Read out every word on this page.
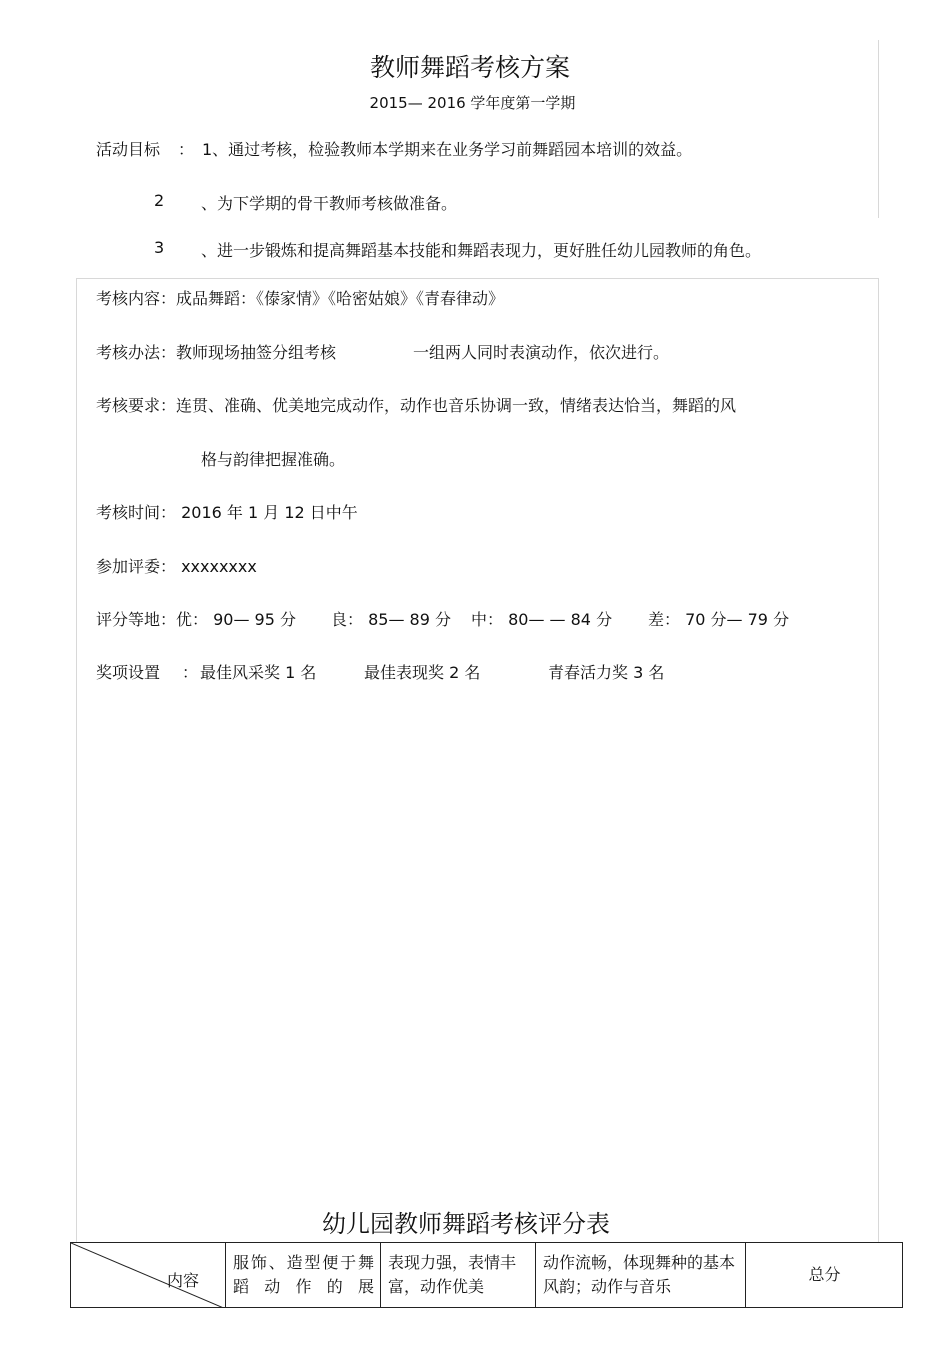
教师舞蹈考核方案
2015— 2016 学年度第一学期
活动目标 ： 1、通过考核，检验教师本学期来在业务学习前舞蹈园本培训的效益。
2 、为下学期的骨干教师考核做准备。
3 、进一步锻炼和提高舞蹈基本技能和舞蹈表现力，更好胜任幼儿园教师的角色。
考核内容：成品舞蹈：《傣家情》《哈密姑娘》《青春律动》
考核办法：教师现场抽签分组考核	一组两人同时表演动作，依次进行。
考核要求：连贯、准确、优美地完成动作，动作也音乐协调一致，情绪表达恰当，舞蹈的风
格与韵律把握准确。
考核时间： 2016 年 1 月 12 日中午
参加评委： xxxxxxxx
评分等地：优： 90— 95 分 良： 85— 89 分 中： 80— — 84 分 差： 70 分— 79 分
奖项设置 ： 最佳风采奖 1 名	最佳表现奖 2 名	青春活力奖 3 名
幼儿园教师舞蹈考核评分表
内容
	服饰、造型便于舞蹈动作的展	表现力强，表情丰富，动作优美	动作流畅，体现舞种的基本风韵；动作与音乐	总分
